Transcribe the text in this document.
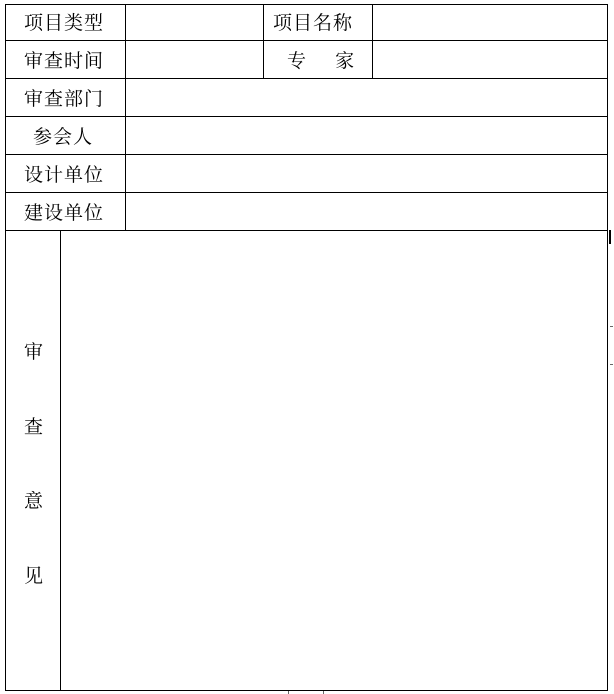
项目类型	项目名称
审查时间	专    家
审查部门
参会人
设计单位
建设单位
审
查
意
见
